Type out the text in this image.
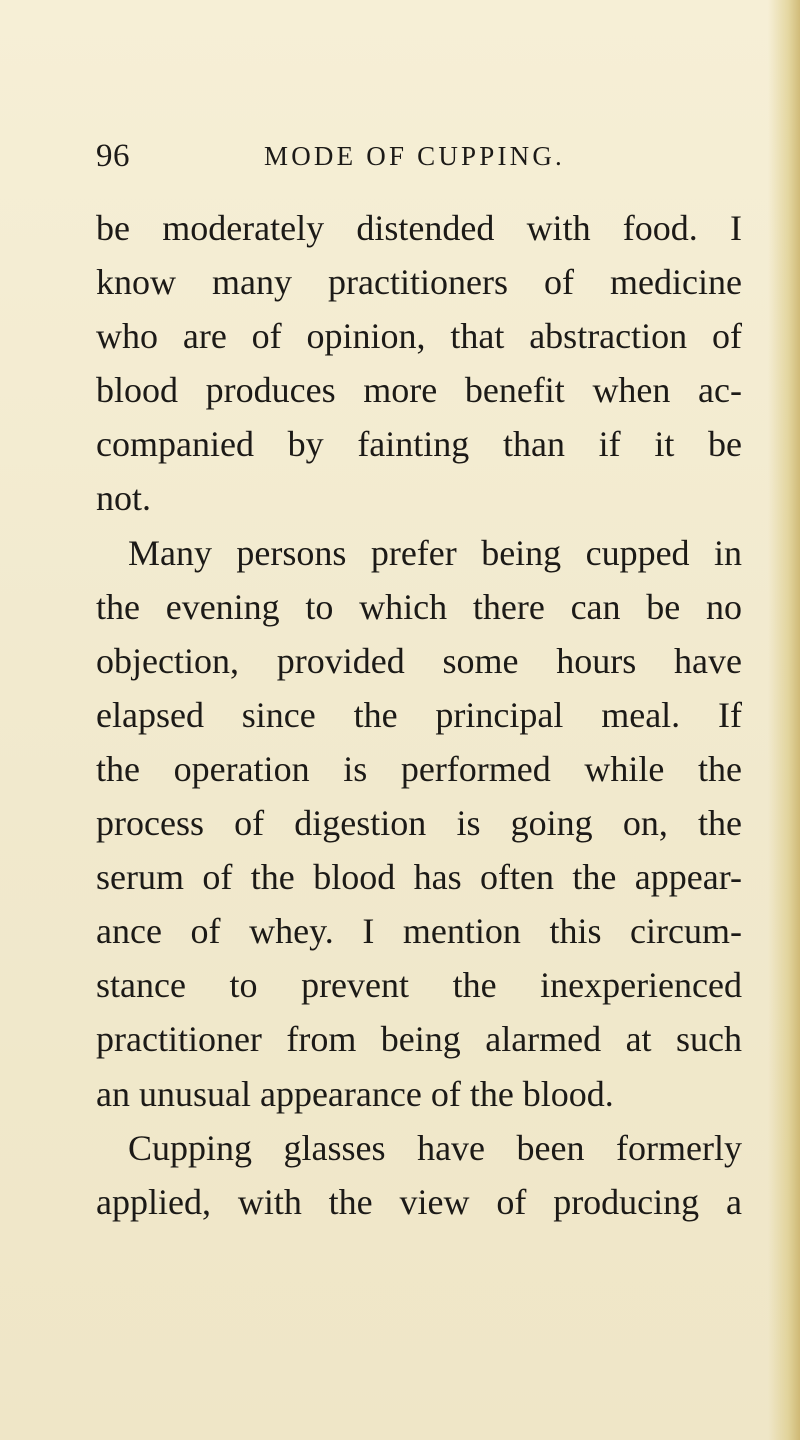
96	MODE OF CUPPING.
be moderately distended with food. I
know many practitioners of medicine
who are of opinion, that abstraction of
blood produces more benefit when ac-
companied by fainting than if it be
not.
Many persons prefer being cupped in
the evening to which there can be no
objection, provided some hours have
elapsed since the principal meal. If
the operation is performed while the
process of digestion is going on, the
serum of the blood has often the appear-
ance of whey. I mention this circum-
stance to prevent the inexperienced
practitioner from being alarmed at such
an unusual appearance of the blood.
Cupping glasses have been formerly
applied, with the view of producing a
